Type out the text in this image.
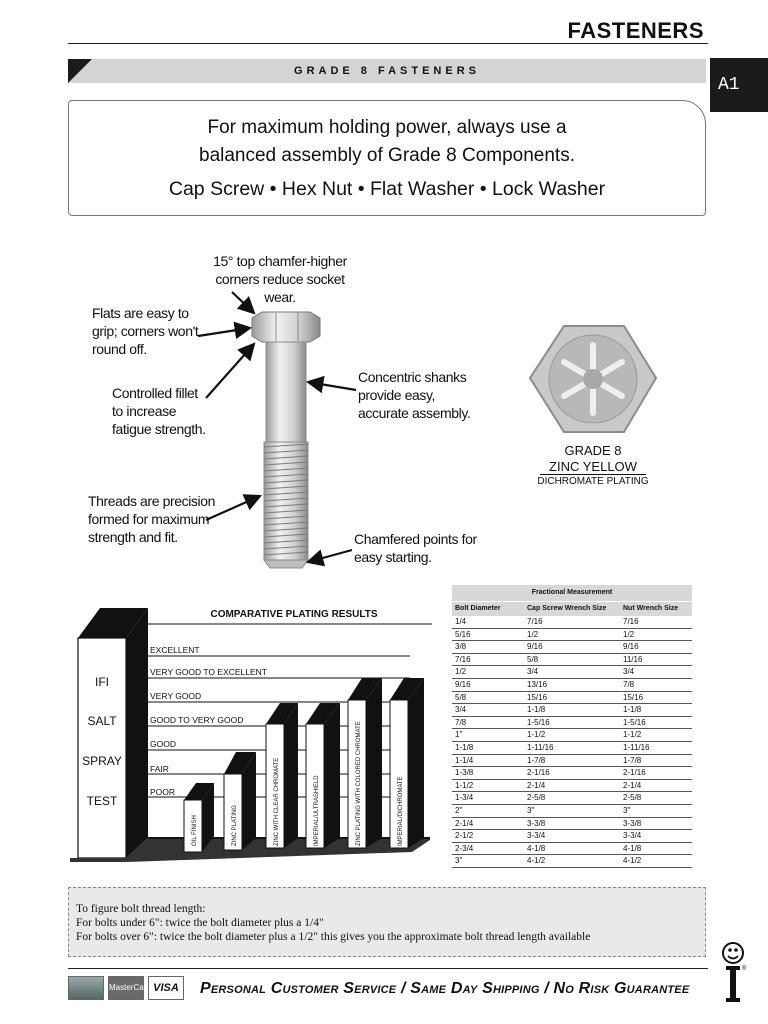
FASTENERS
A1
GRADE 8 FASTENERS
For maximum holding power, always use a
balanced assembly of Grade 8 Components.
Cap Screw • Hex Nut • Flat Washer • Lock Washer
15° top chamfer-higher
corners reduce socket wear.
Flats are easy to
grip; corners won't
round off.
Controlled fillet
to increase
fatigue strength.
Concentric shanks
provide easy,
accurate assembly.
Threads are precision
formed for maximum
strength and fit.	Chamfered points for
easy starting.
GRADE 8
ZINC YELLOW
DICHROMATE PLATING
OIL FINISH	ZINC PLATING	ZINC WITH CLEAR CHROMATE	IMPERIAL/ULTRASHIELD	ZINC PLATING WITH COLORED CHROMATE	IMPERIAL/DICHROMATE
COMPARATIVE PLATING RESULTS
EXCELLENT
VERY GOOD TO EXCELLENT
VERY GOOD
GOOD TO VERY GOOD
GOOD
FAIR
POOR
IFI
SALT
SPRAY
TEST
Fractional Measurement
Bolt Diameter	Cap Screw Wrench Size	Nut Wrench Size
1/4	7/16	7/16
5/16	1/2	1/2
3/8	9/16	9/16
7/16	5/8	11/16
1/2	3/4	3/4
9/16	13/16	7/8
5/8	15/16	15/16
3/4	1-1/8	1-1/8
7/8	1-5/16	1-5/16
1"	1-1/2	1-1/2
1-1/8	1-11/16	1-11/16
1-1/4	1-7/8	1-7/8
1-3/8	2-1/16	2-1/16
1-1/2	2-1/4	2-1/4
1-3/4	2-5/8	2-5/8
2"	3"	3"
2-1/4	3-3/8	3-3/8
2-1/2	3-3/4	3-3/4
2-3/4	4-1/8	4-1/8
3"	4-1/2	4-1/2
To figure bolt thread length:
For bolts under 6": twice the bolt diameter plus a 1/4"
For bolts over 6": twice the bolt diameter plus a 1/2" this gives you the approximate bolt thread length available
MasterCard VISA	Personal Customer Service / Same Day Shipping / No Risk Guarantee
®
